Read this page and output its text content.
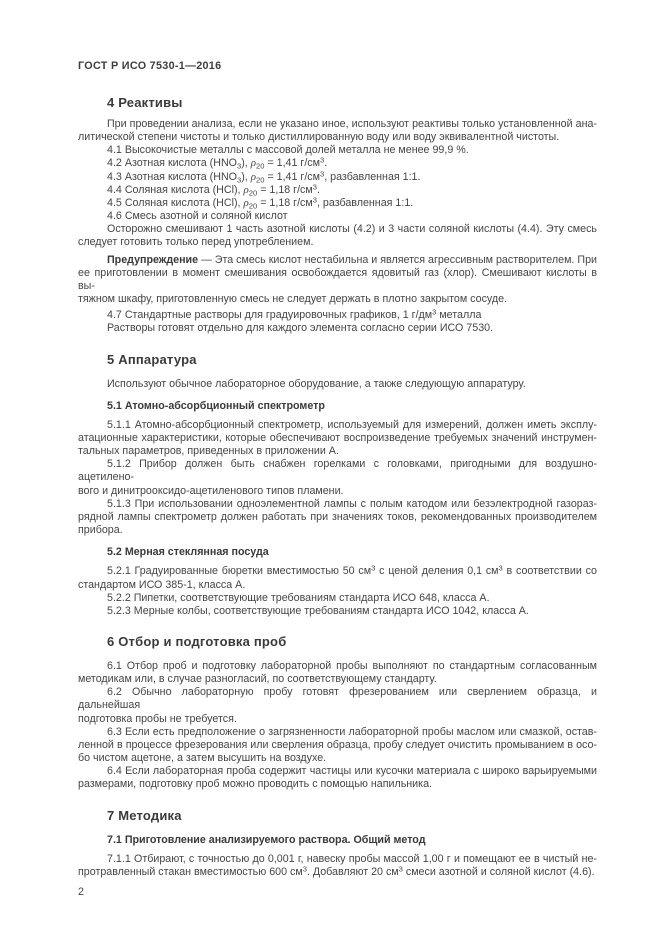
ГОСТ Р ИСО 7530-1—2016
4 Реактивы
При проведении анализа, если не указано иное, используют реактивы только установленной ана-
литической степени чистоты и только дистиллированную воду или воду эквивалентной чистоты.
4.1 Высокочистые металлы с массовой долей металла не менее 99,9 %.
4.2 Азотная кислота $(HNO_3)$, $\rho_{20} = 1,41$ $г/см^3$.
4.3 Азотная кислота $(HNO_3)$, $\rho_{20} = 1,41$ $г/см^3$, разбавленная 1:1.
4.4 Соляная кислота (HCl), $\rho_{20} = 1,18$ $г/см^3$.
4.5 Соляная кислота (HCl), $\rho_{20} = 1,18$ $г/см^3$, разбавленная 1:1.
4.6 Смесь азотной и соляной кислот
Осторожно смешивают 1 часть азотной кислоты (4.2) и 3 части соляной кислоты (4.4). Эту смесь
следует готовить только перед употреблением.
Предупреждение — Эта смесь кислот нестабильна и является агрессивным растворителем. При
ее приготовлении в момент смешивания освобождается ядовитый газ (хлор). Смешивают кислоты в вы-
тяжном шкафу, приготовленную смесь не следует держать в плотно закрытом сосуде.
4.7 Стандартные растворы для градуировочных графиков, 1 $г/дм^3$ металла
Растворы готовят отдельно для каждого элемента согласно серии ИСО 7530.
5 Аппаратура
Используют обычное лабораторное оборудование, а также следующую аппаратуру.
5.1 Атомно-абсорбционный спектрометр
5.1.1 Атомно-абсорбционный спектрометр, используемый для измерений, должен иметь эксплу-
атационные характеристики, которые обеспечивают воспроизведение требуемых значений инструмен-
тальных параметров, приведенных в приложении А.
5.1.2 Прибор должен быть снабжен горелками с головками, пригодными для воздушно-ацетилено-
вого и динитрооксидо-ацетиленового типов пламени.
5.1.3 При использовании одноэлементной лампы с полым катодом или безэлектродной газораз-
рядной лампы спектрометр должен работать при значениях токов, рекомендованных производителем
прибора.
5.2 Мерная стеклянная посуда
5.2.1 Градуированные бюретки вместимостью 50 $см^3$ с ценой деления 0,1 $см^3$ в соответствии со
стандартом ИСО 385-1, класса А.
5.2.2 Пипетки, соответствующие требованиям стандарта ИСО 648, класса А.
5.2.3 Мерные колбы, соответствующие требованиям стандарта ИСО 1042, класса А.
6 Отбор и подготовка проб
6.1 Отбор проб и подготовку лабораторной пробы выполняют по стандартным согласованным
методикам или, в случае разногласий, по соответствующему стандарту.
6.2 Обычно лабораторную пробу готовят фрезерованием или сверлением образца, и дальнейшая
подготовка пробы не требуется.
6.3 Если есть предположение о загрязненности лабораторной пробы маслом или смазкой, остав-
ленной в процессе фрезерования или сверления образца, пробу следует очистить промыванием в осо-
бо чистом ацетоне, а затем высушить на воздухе.
6.4 Если лабораторная проба содержит частицы или кусочки материала с широко варьируемыми
размерами, подготовку проб можно проводить с помощью напильника.
7 Методика
7.1 Приготовление анализируемого раствора. Общий метод
7.1.1 Отбирают, с точностью до 0,001 г, навеску пробы массой 1,00 г и помещают ее в чистый не-
протравленный стакан вместимостью 600 $см^3$. Добавляют 20 $см^3$ смеси азотной и соляной кислот (4.6).
2
